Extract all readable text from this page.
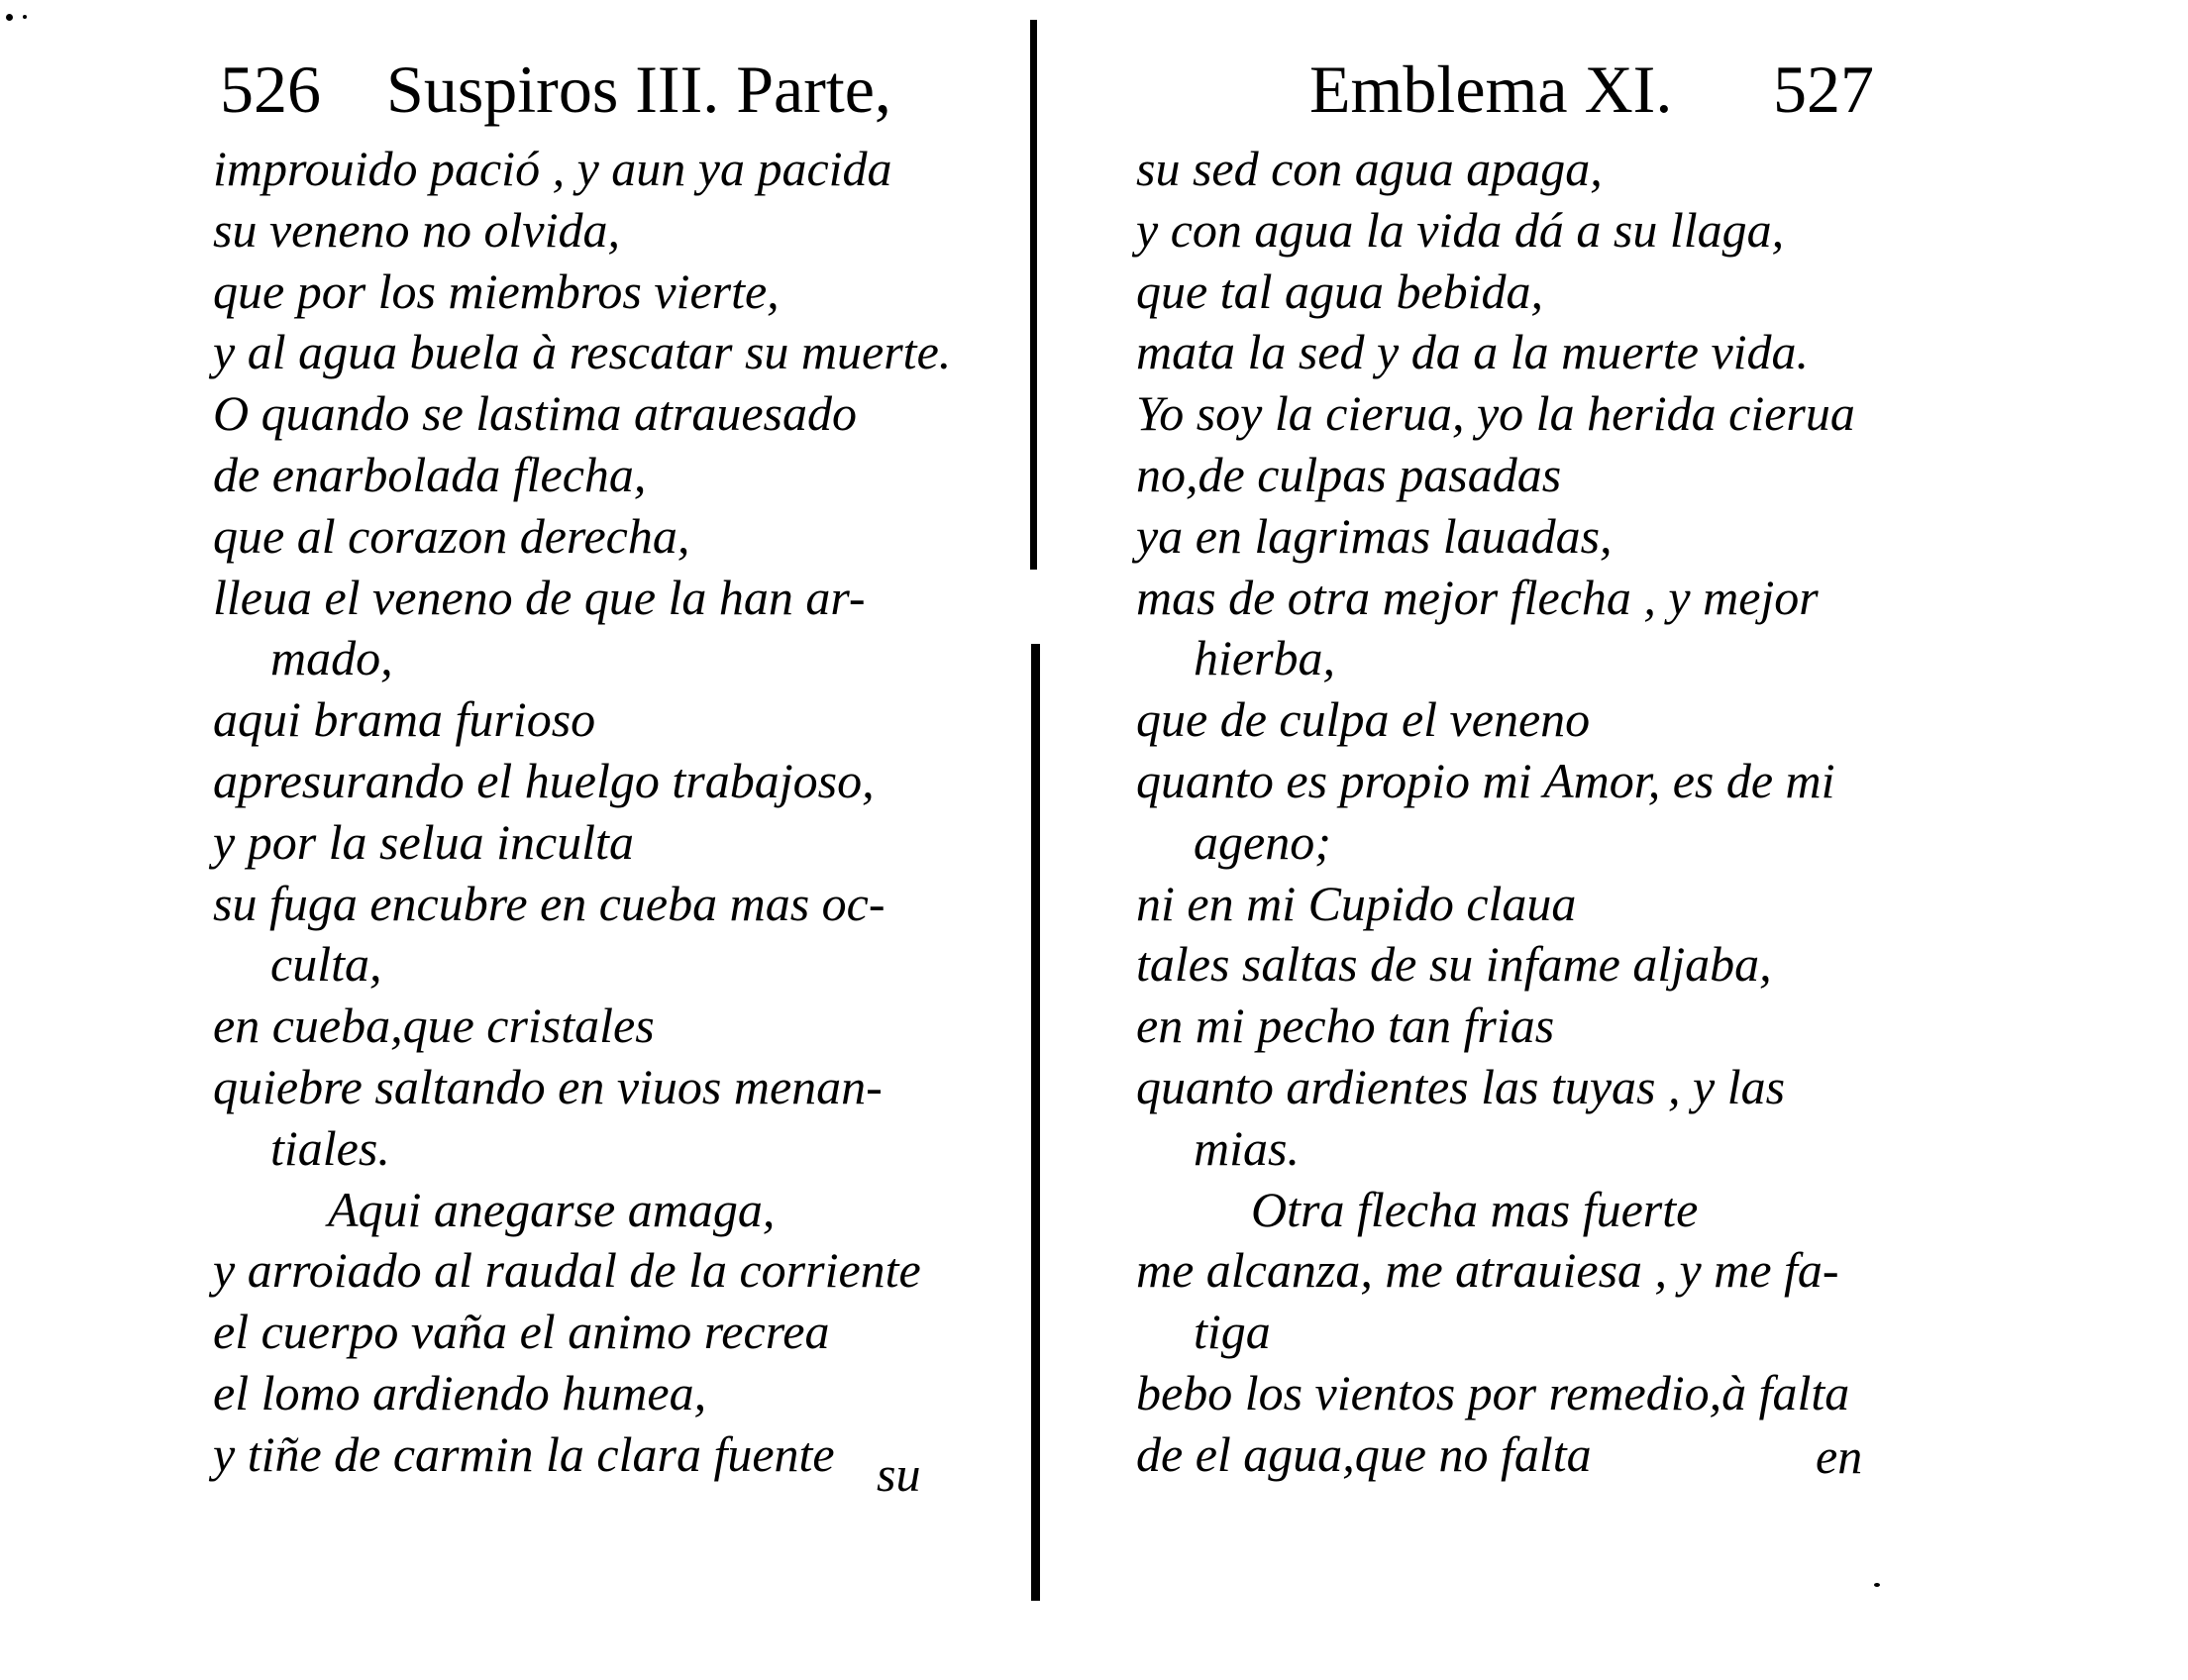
526 Suspiros III. Parte,
improuido pació , y aun ya pacida
su veneno no olvida,
que por los miembros vierte,
y al agua buela à rescatar su muerte.
O quando se lastima atrauesado
de enarbolada flecha,
que al corazon derecha,
lleua el veneno de que la han ar-
mado,
aqui brama furioso
apresurando el huelgo trabajoso,
y por la selua inculta
su fuga encubre en cueba mas oc-
culta,
en cueba,que cristales
quiebre saltando en viuos menan-
tiales.
Aqui anegarse amaga,
y arroiado al raudal de la corriente
el cuerpo vaña el animo recrea
el lomo ardiendo humea,
y tiñe de carmin la clara fuente su
Emblema XI. 527
su sed con agua apaga,
y con agua la vida dá a su llaga,
que tal agua bebida,
mata la sed y da a la muerte vida.
Yo soy la cierua, yo la herida cierua
no,de culpas pasadas
ya en lagrimas lauadas,
mas de otra mejor flecha , y mejor
hierba,
que de culpa el veneno
quanto es propio mi Amor, es de mi
ageno;
ni en mi Cupido claua
tales saltas de su infame aljaba,
en mi pecho tan frias
quanto ardientes las tuyas , y las
mias.
Otra flecha mas fuerte
me alcanza, me atrauiesa , y me fa-
tiga
bebo los vientos por remedio,à falta
de el agua,que no falta	en
